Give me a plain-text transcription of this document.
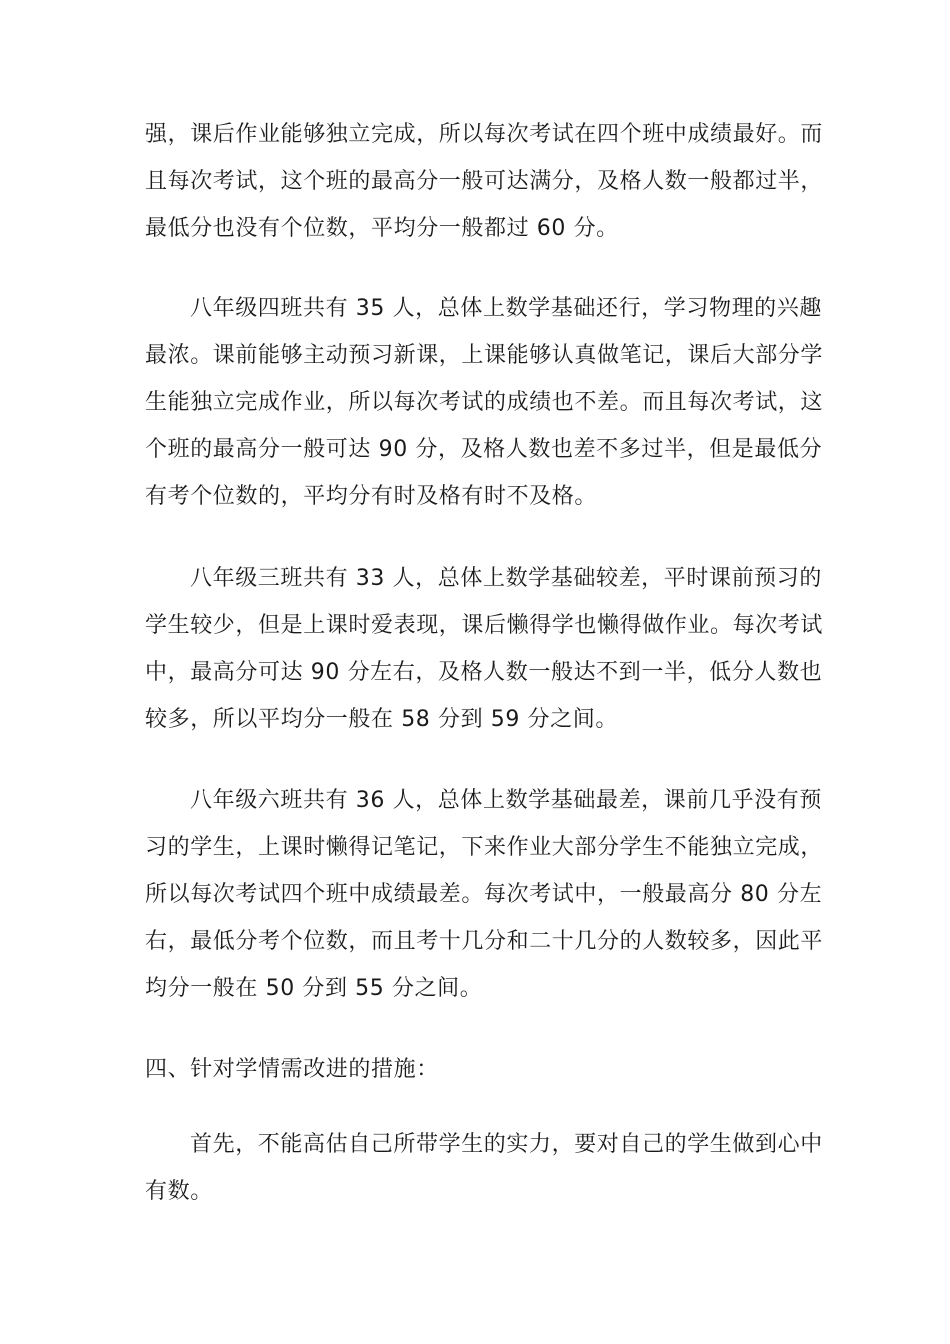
强，课后作业能够独立完成，所以每次考试在四个班中成绩最好。而
且每次考试，这个班的最高分一般可达满分，及格人数一般都过半，
最低分也没有个位数，平均分一般都过 60 分。

八年级四班共有 35 人，总体上数学基础还行，学习物理的兴趣
最浓。课前能够主动预习新课，上课能够认真做笔记，课后大部分学
生能独立完成作业，所以每次考试的成绩也不差。而且每次考试，这
个班的最高分一般可达 90 分，及格人数也差不多过半，但是最低分
有考个位数的，平均分有时及格有时不及格。

八年级三班共有 33 人，总体上数学基础较差，平时课前预习的
学生较少，但是上课时爱表现，课后懒得学也懒得做作业。每次考试
中，最高分可达 90 分左右，及格人数一般达不到一半，低分人数也
较多，所以平均分一般在 58 分到 59 分之间。

八年级六班共有 36 人，总体上数学基础最差，课前几乎没有预
习的学生，上课时懒得记笔记，下来作业大部分学生不能独立完成，
所以每次考试四个班中成绩最差。每次考试中，一般最高分 80 分左
右，最低分考个位数，而且考十几分和二十几分的人数较多，因此平
均分一般在 50 分到 55 分之间。

四、针对学情需改进的措施：

首先，不能高估自己所带学生的实力，要对自己的学生做到心中
有数。
